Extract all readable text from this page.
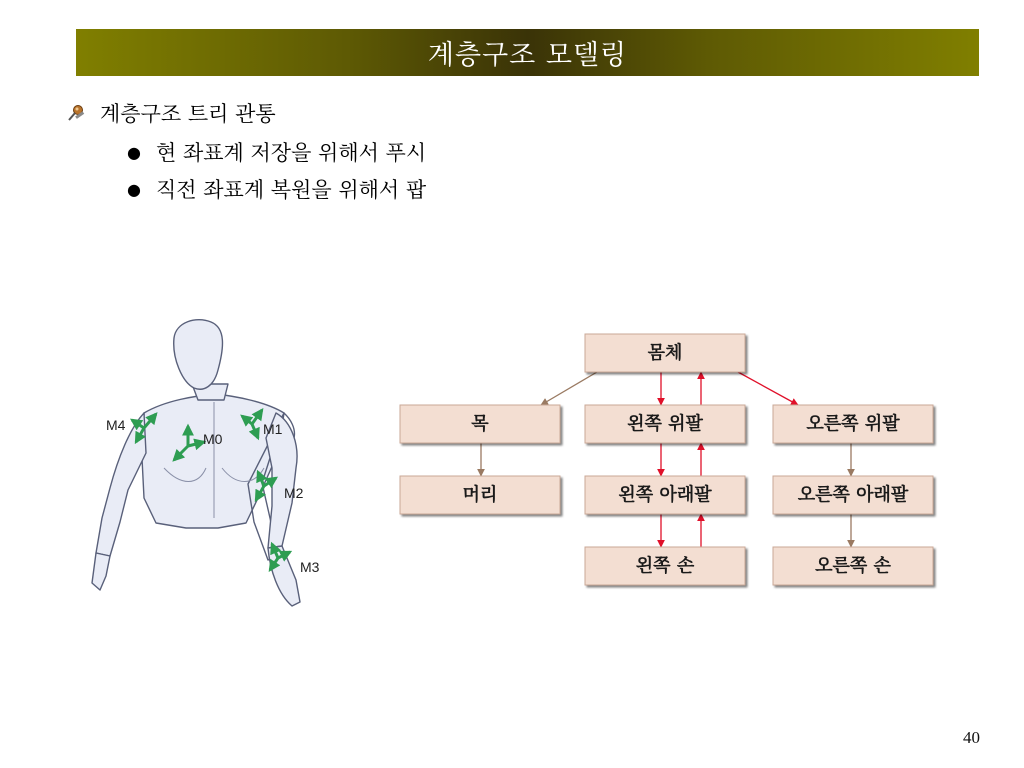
계층구조 모델링
계층구조 트리 관통
● 현 좌표계 저장을 위해서 푸시
● 직전 좌표계 복원을 위해서 팝
M0
M1
M2
M3
M4
몸체
목	왼쪽 위팔	오른쪽 위팔
머리	왼쪽 아래팔	오른쪽 아래팔
왼쪽 손	오른쪽 손
40
